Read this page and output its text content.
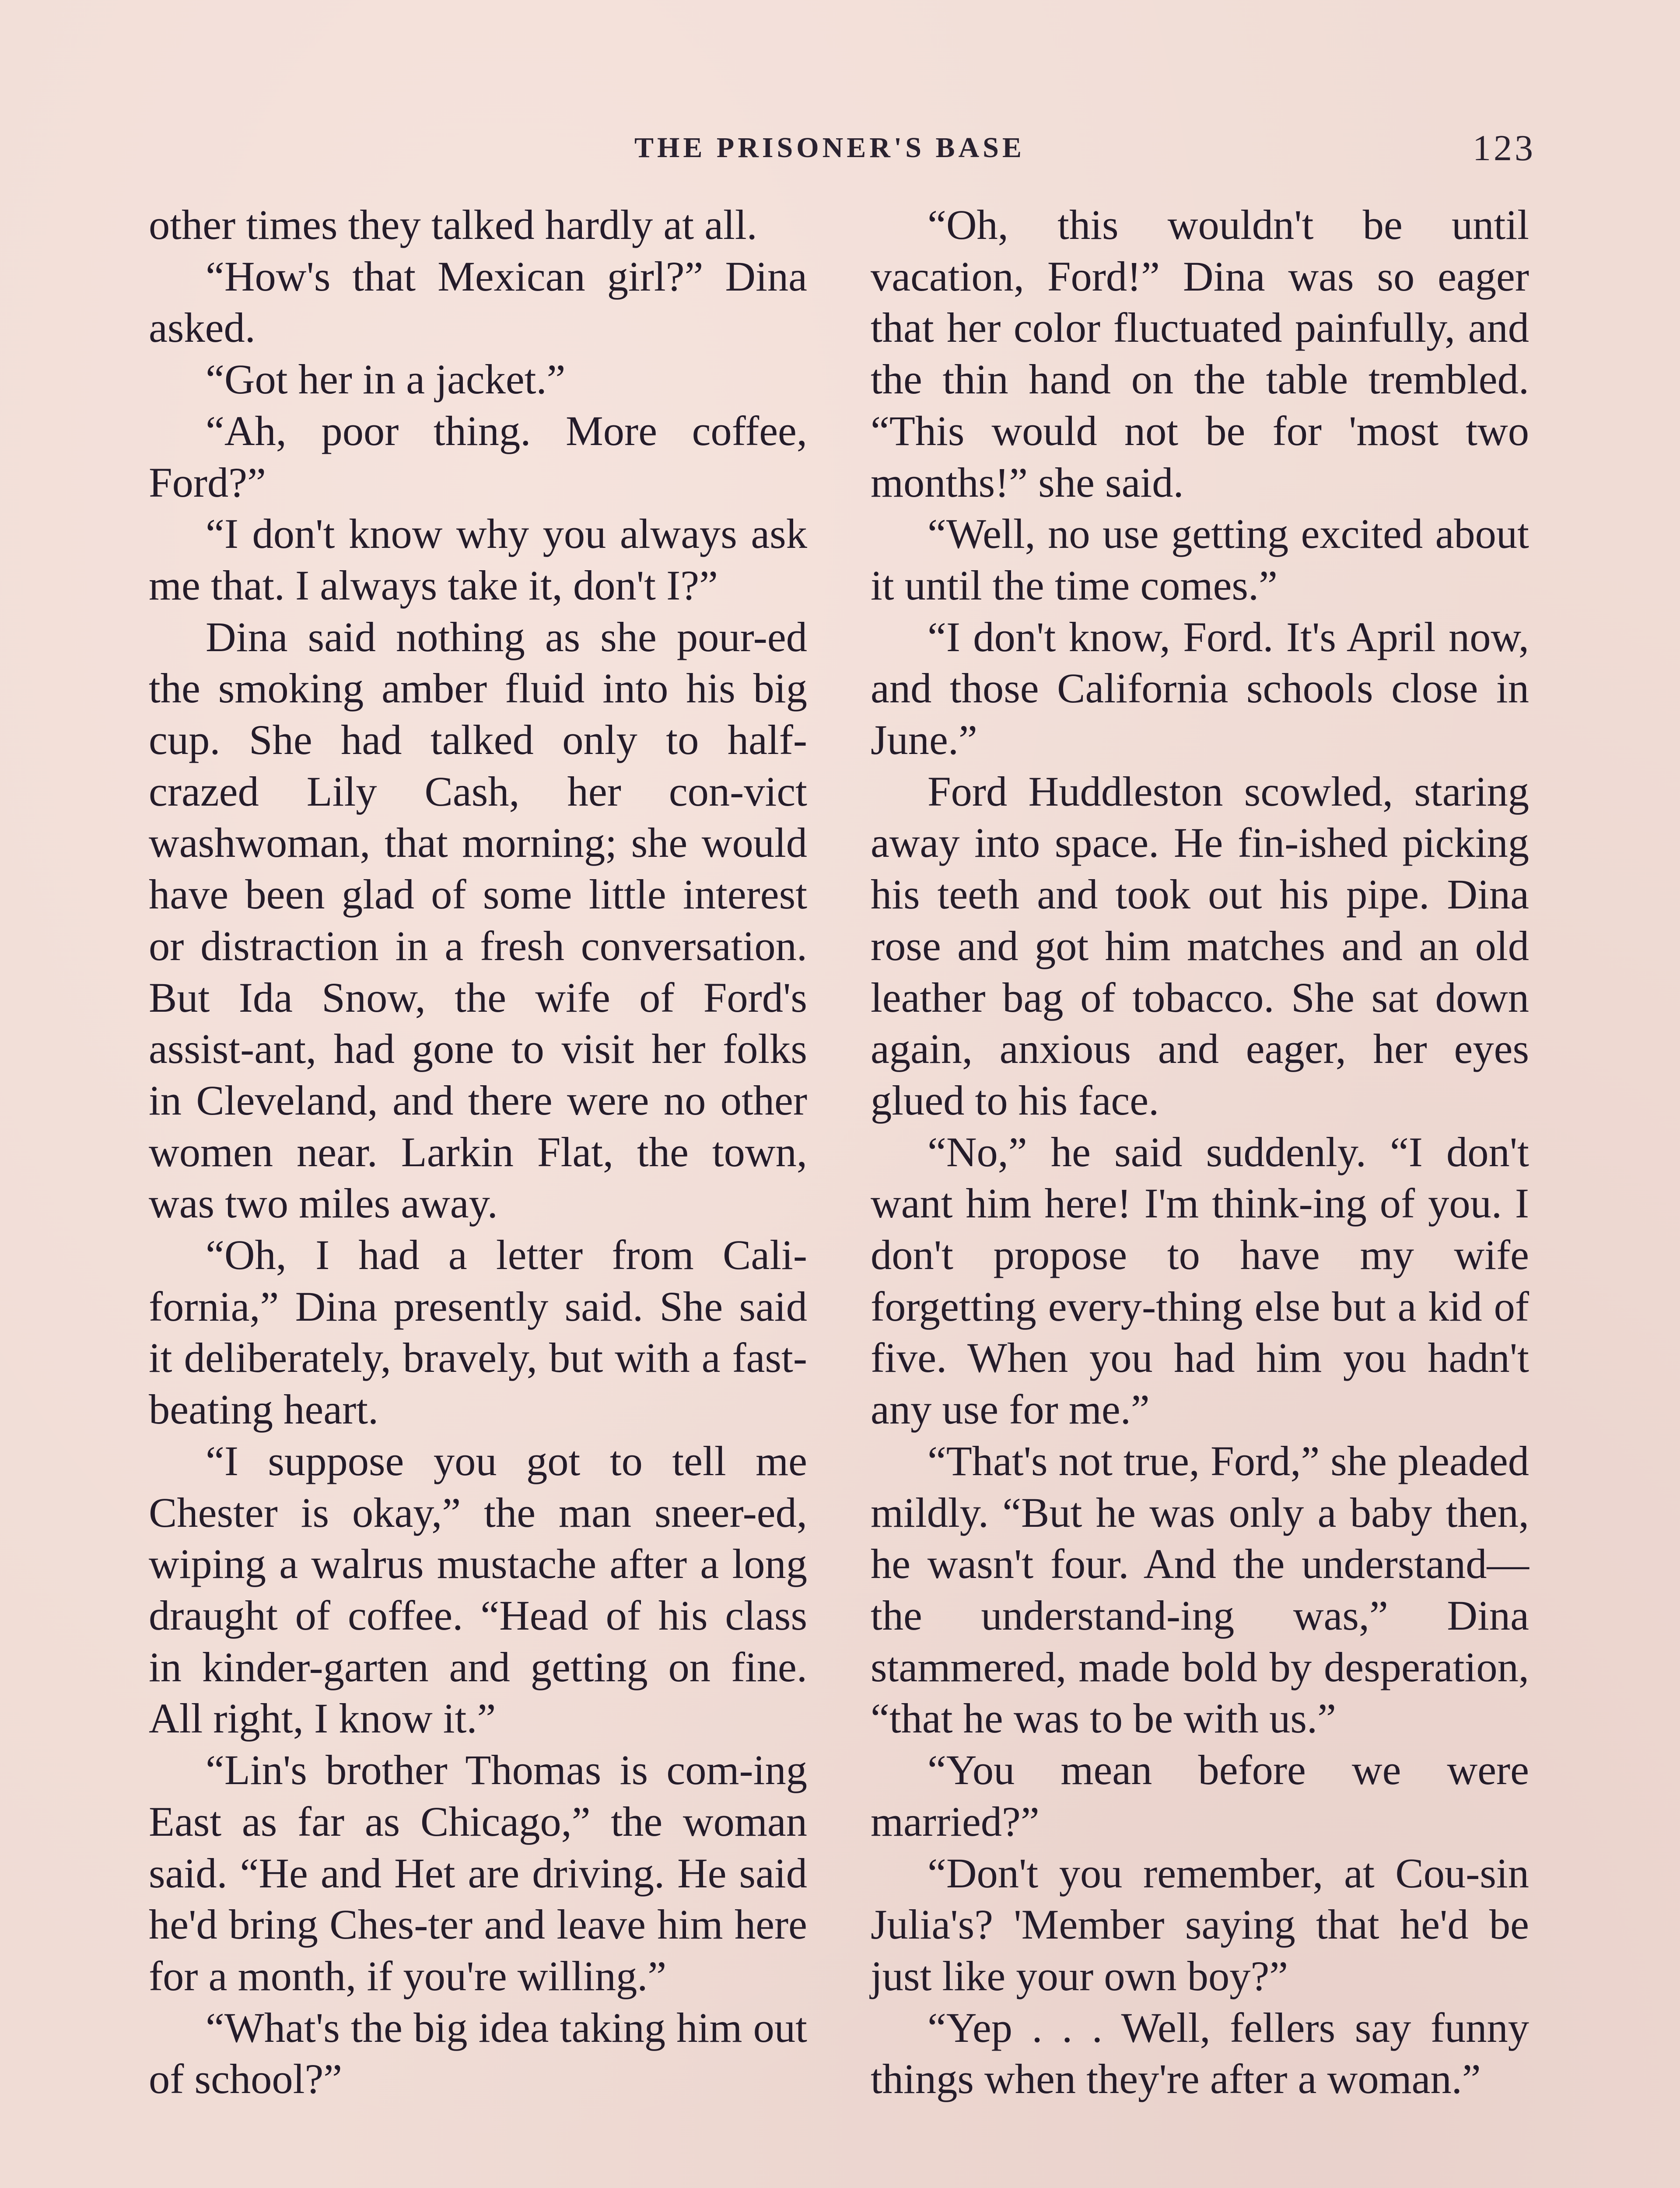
THE PRISONER'S BASE	123

other times they talked hardly at all.

“How's that Mexican girl?” Dina asked.

“Got her in a jacket.”

“Ah, poor thing. More coffee, Ford?”

“I don't know why you always ask me that. I always take it, don't I?”

Dina said nothing as she pour-ed the smoking amber fluid into his big cup. She had talked only to half-crazed Lily Cash, her con-vict washwoman, that morning; she would have been glad of some little interest or distraction in a fresh conversation. But Ida Snow, the wife of Ford's assist-ant, had gone to visit her folks in Cleveland, and there were no other women near. Larkin Flat, the town, was two miles away.

“Oh, I had a letter from Cali-fornia,” Dina presently said. She said it deliberately, bravely, but with a fast-beating heart.

“I suppose you got to tell me Chester is okay,” the man sneer-ed, wiping a walrus mustache after a long draught of coffee. “Head of his class in kinder-garten and getting on fine. All right, I know it.”

“Lin's brother Thomas is com-ing East as far as Chicago,” the woman said. “He and Het are driving. He said he'd bring Ches-ter and leave him here for a month, if you're willing.”

“What's the big idea taking him out of school?”

“Oh, this wouldn't be until vacation, Ford!” Dina was so eager that her color fluctuated painfully, and the thin hand on the table trembled. “This would not be for 'most two months!” she said.

“Well, no use getting excited about it until the time comes.”

“I don't know, Ford. It's April now, and those California schools close in June.”

Ford Huddleston scowled, staring away into space. He fin-ished picking his teeth and took out his pipe. Dina rose and got him matches and an old leather bag of tobacco. She sat down again, anxious and eager, her eyes glued to his face.

“No,” he said suddenly. “I don't want him here! I'm think-ing of you. I don't propose to have my wife forgetting every-thing else but a kid of five. When you had him you hadn't any use for me.”

“That's not true, Ford,” she pleaded mildly. “But he was only a baby then, he wasn't four. And the understand—the understand-ing was,” Dina stammered, made bold by desperation, “that he was to be with us.”

“You mean before we were married?”

“Don't you remember, at Cou-sin Julia's? 'Member saying that he'd be just like your own boy?”

“Yep . . . Well, fellers say funny things when they're after a woman.”
